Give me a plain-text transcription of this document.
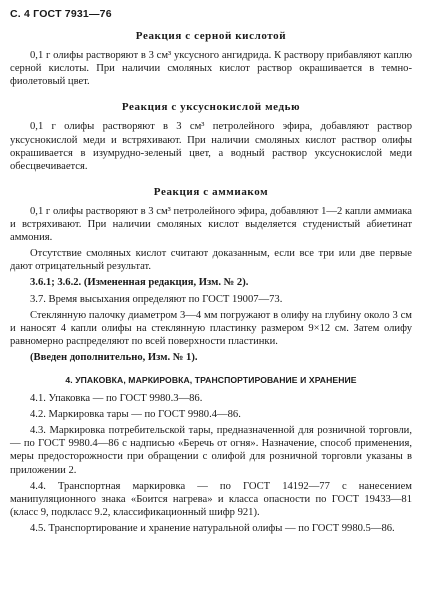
С. 4 ГОСТ 7931—76
Реакция с серной кислотой

0,1 г олифы растворяют в 3 см³ уксусного ангидрида. К раствору прибавляют каплю серной кислоты. При наличии смоляных кислот раствор окрашивается в темно-фиолетовый цвет.

Реакция с уксуснокислой медью

0,1 г олифы растворяют в 3 см³ петролейного эфира, добавляют раствор уксуснокислой меди и встряхивают. При наличии смоляных кислот раствор олифы окрашивается в изумрудно-зеленый цвет, а водный раствор уксуснокислой меди обесцвечивается.

Реакция с аммиаком

0,1 г олифы растворяют в 3 см³ петролейного эфира, добавляют 1—2 капли аммиака и встряхивают. При наличии смоляных кислот выделяется студенистый абиетинат аммония.

Отсутствие смоляных кислот считают доказанным, если все три или две первые дают отрицательный результат.

3.6.1; 3.6.2. (Измененная редакция, Изм. № 2).

3.7. Время высыхания определяют по ГОСТ 19007—73.

Стеклянную палочку диаметром 3—4 мм погружают в олифу на глубину около 3 см и наносят 4 капли олифы на стеклянную пластинку размером 9×12 см. Затем олифу равномерно распределяют по всей поверхности пластинки.

(Введен дополнительно, Изм. № 1).

4. УПАКОВКА, МАРКИРОВКА, ТРАНСПОРТИРОВАНИЕ И ХРАНЕНИЕ

4.1. Упаковка — по ГОСТ 9980.3—86.

4.2. Маркировка тары — по ГОСТ 9980.4—86.

4.3. Маркировка потребительской тары, предназначенной для розничной торговли, — по ГОСТ 9980.4—86 с надписью «Беречь от огня». Назначение, способ применения, меры предосторожности при обращении с олифой для розничной торговли указаны в приложении 2.

4.4. Транспортная маркировка — по ГОСТ 14192—77 с нанесением манипуляционного знака «Боится нагрева» и класса опасности по ГОСТ 19433—81 (класс 9, подкласс 9.2, классификационный шифр 921).

4.5. Транспортирование и хранение натуральной олифы — по ГОСТ 9980.5—86.
